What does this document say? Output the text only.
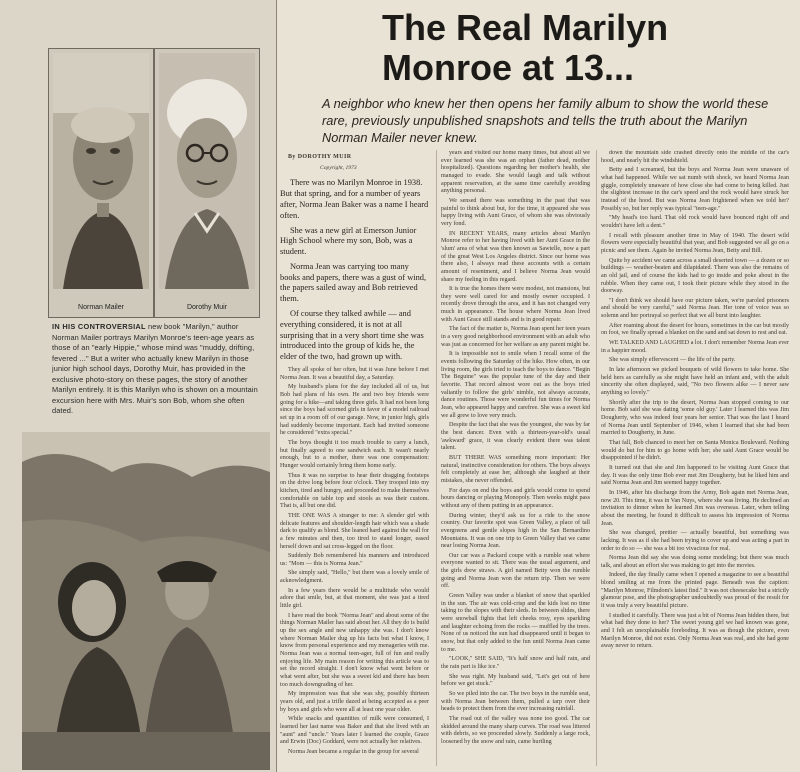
Norman Mailer	Dorothy Muir
IN HIS CONTROVERSIAL new book "Marilyn," author Norman Mailer portrays Marilyn Monroe's teen-age years as those of an "early Hippie," whose mind was "muddy, drifting, fevered ..." But a writer who actually knew Marilyn in those junior high school days, Dorothy Muir, has provided in the exclusive photo-story on these pages, the story of another Marilyn entirely. It is this Marilyn who is shown on a mountain excursion here with Mrs. Muir's son Bob, whom she often dated.
The Real Marilyn Monroe at 13...

A neighbor who knew her then opens her family album to show the world these rare, previously unpublished snapshots and tells the truth about the Marilyn Norman Mailer never knew.

By DOROTHY MUIR
Copyright, 1973

There was no Marilyn Monroe in 1938. But that spring, and for a number of years after, Norma Jean Baker was a name I heard often.

She was a new girl at Emerson Junior High School where my son, Bob, was a student.

Norma Jean was carrying too many books and papers, there was a gust of wind, the papers sailed away and Bob retrieved them.

Of course they talked awhile — and everything considered, it is not at all surprising that in a very short time she was introduced into the group of kids he, the elder of the two, had grown up with.

They all spoke of her often, but it was June before I met Norma Jean. It was a beautiful day, a Saturday.

My husband's plans for the day included all of us, but Bob had plans of his own. He and two boy friends were going for a hike—and taking three girls. It had not been long since the boys had scorned girls in favor of a model railroad set up in a room off of our garage. Now, in junior high, girls had suddenly become important. Each had invited someone he considered "extra special."

The boys thought it too much trouble to carry a lunch, but finally agreed to one sandwich each. It wasn't nearly enough, but to a mother, there was one compensation: Hunger would certainly bring them home early.

Thus it was no surprise to hear their dragging footsteps on the drive long before four o'clock. They trooped into my kitchen, tired and hungry, and proceeded to make themselves comfortable on table top and stools as was their custom. That is, all but one did.

THE ONE WAS A stranger to me: A slender girl with delicate features and shoulder-length hair which was a shade dark to qualify as blond. She leaned hard against the wall for a few minutes and then, too tired to stand longer, eased herself down and sat cross-legged on the floor.

Suddenly Bob remembered his manners and introduced us: "Mom — this is Norma Jean."

She simply said, "Hello," but there was a lovely smile of acknowledgment.

In a few years there would be a multitude who would adore that smile, but, at that moment, she was just a tired little girl.

I have read the book "Norma Jean" and about some of the things Norman Mailer has said about her. All they do is build up the sex angle and new unhappy she was. I don't know where Norman Mailer dug up his facts but what I know, I know from personal experience and my menageries with me. Norma Jean was a normal teen-ager, full of fun and really enjoying life. My main reason for writing this article was to set the record straight. I don't know what went before or what went after, but she was a sweet kid and there has been too much downgrading of her.

My impression was that she was shy, possibly thirteen years old, and just a trifle dazed at being accepted as a peer by boys and girls who were all at least one year older.

While snacks and quantities of milk were consumed, I learned her last name was Baker and that she lived with an "aunt" and "uncle." Years later I learned the couple, Grace and Erwin (Doc) Goddard, were not actually her relatives.

Norma Jean became a regular in the group for several

years and visited our home many times, but about all we ever learned was she was an orphan (father dead, mother hospitalized). Questions regarding her mother's health, she managed to evade. She would laugh and talk without apparent reservation, at the same time carefully avoiding anything personal.

We sensed there was something in the past that was painful to think about but, for the time, it appeared she was happy living with Aunt Grace, of whom she was obviously very fond.

IN RECENT YEARS, many articles about Marilyn Monroe refer to her having lived with her Aunt Grace in the 'slum' area of what was then known as Sawtelle, now a part of the great West Los Angeles district. Since our home was there also, I always read these accounts with a certain amount of resentment, and I believe Norma Jean would share my feeling in this regard.

It is true the homes there were modest, not mansions, but they were well cared for and mostly owner occupied. I recently drove through the area, and it has not changed very much in appearance. The house where Norma Jean lived with Aunt Grace still stands and is in good repair.

The fact of the matter is, Norma Jean spent her teen years in a very good neighborhood environment with an adult who was just as concerned for her welfare as any parent might be.

It is impossible not to smile when I recall some of the events following the Saturday of the hike. How often, in our living room, the girls tried to teach the boys to dance. "Begin The Beguine" was the popular tune of the day and their favorite. That record almost wore out as the boys tried valiantly to follow the girls' nimble, not always accurate, dance routines. Those were wonderful fun times for Norma Jean, who appeared happy and carefree. She was a sweet kid we all grew to love very much.

Despite the fact that she was the youngest, she was by far the best dancer. Even with a thirteen-year-old's usual 'awkward' grace, it was clearly evident there was talent talent.

BUT THERE WAS something more important: Her natural, instinctive consideration for others. The boys always felt completely at ease her, although she laughed at their mistakes, she never offended.

For days on end the boys and girls would come to spend hours dancing or playing Monopoly. Then weeks might pass without any of them putting in an appearance.

During winter, they'd ask us for a ride to the snow country. Our favorite spot was Green Valley, a place of tall evergreens and gentle slopes high in the San Bernardino Mountains. It was on one trip to Green Valley that we came near losing Norma Jean.

Our car was a Packard coupe with a rumble seat where everyone wanted to sit. There was the usual argument, and the girls drew straws. A girl named Betty won the rumble going and Norma Jean won the return trip. Then we were off.

Green Valley was under a blanket of snow that sparkled in the sun. The air was cold-crisp and the kids lost no time taking to the slopes with their sleds. In between slides, there were snowball fights that left cheeks rosy, eyes sparkling and laughter echoing from the rocks — muffled by the trees. None of us noticed the sun had disappeared until it began to snow, but that only added to the fun until Norma Jean came to me.

"LOOK," SHE SAID, "It's half snow and half rain, and the rain part is like ice."

She was right. My husband said, "Let's get out of here before we get stuck."

So we piled into the car. The two boys in the rumble seat, with Norma Jean between them, pulled a tarp over their heads to protect them from the ever increasing rainfall.

The road out of the valley was none too good. The car skidded around the many sharp curves. The road was littered with debris, so we proceeded slowly. Suddenly a large rock, loosened by the snow and rain, came hurtling

down the mountain side crashed directly onto the middle of the car's hood, and nearly hit the windshield.

Betty and I screamed, but the boys and Norma Jean were unaware of what had happened. While we sat numb with shock, we heard Norma Jean giggle, completely unaware of how close she had come to being killed. Just the slightest increase in the car's speed and the rock would have struck her instead of the hood. But was Norma Jean frightened when we told her? Possibly so, but her reply was typical "teen-age."

"My head's too hard. That old rock would have bounced right off and wouldn't have left a dent."

I recall with pleasure another time in May of 1940. The desert wild flowers were especially beautiful that year, and Bob suggested we all go on a picnic and see them. Again he invited Norma Jean, Betty and Bill.

Quite by accident we came across a small deserted town — a dozen or so buildings — weather-beaten and dilapidated. There was also the remains of an old jail, and of course the kids had to go inside and poke about in the rubble. When they came out, I took their picture while they stood in the doorway.

"I don't think we should have our picture taken, we're paroled prisoners and should be very careful," said Norma Jean. Her tone of voice was so solemn and her portrayal so perfect that we all burst into laughter.

After roaming about the desert for hours, sometimes in the car but mostly on foot, we finally spread a blanket on the sand and sat down to rest and eat.

WE TALKED AND LAUGHED a lot. I don't remember Norma Jean ever in a happier mood.

She was simply effervescent — the life of the party.

In late afternoon we picked bouquets of wild flowers to take home. She held hers as carefully as she might have held an infant and, with the adult sincerity she often displayed, said, "No two flowers alike — I never saw anything so lovely."

Shortly after the trip to the desert, Norma Jean stopped coming to our home. Bob said she was dating 'some old guy.' Later I learned this was Jim Dougherty, who was indeed four years her senior. That was the last I heard of Norma Jean until September of 1946, when I learned that she had been married to Dougherty, in June.

That fall, Bob chanced to meet her on Santa Monica Boulevard. Nothing would do but for him to go home with her; she said Aunt Grace would be disappointed if he didn't.

It turned out that she and Jim happened to be visiting Aunt Grace that day. It was the only time Bob ever met Jim Dougherty, but he liked him and said Norma Jean and Jim seemed happy together.

In 1946, after his discharge from the Army, Bob again met Norma Jean, now 20. This time, it was in Van Nuys, where she was living. He declined an invitation to dinner when he learned Jim was overseas. Later, when telling about the meeting, he found it difficult to assess his impression of Norma Jean.

She was changed, prettier — actually beautiful, but something was lacking. It was as if she had been trying to cover up and was acting a part in order to do so — she was a bit too vivacious for real.

Norma Jean did say she was doing some modeling; but there was much talk, and about an effort she was making to get into the movies.

Indeed, the day finally came when I opened a magazine to see a beautiful blond smiling at me from the printed page. Beneath was the caption: "Marilyn Monroe, Filmdom's latest find." It was not cheesecake but a strictly glamour pose, and the photographer undoubtedly was proud of the result for it was truly a very beautiful picture.

I studied it carefully. There was just a bit of Norma Jean hidden there, but what had they done to her? The sweet young girl we had known was gone, and I felt an unexplainable foreboding. It was as though the picture, even Marilyn Monroe, did not exist. Only Norma Jean was real, and she had gone away never to return.
